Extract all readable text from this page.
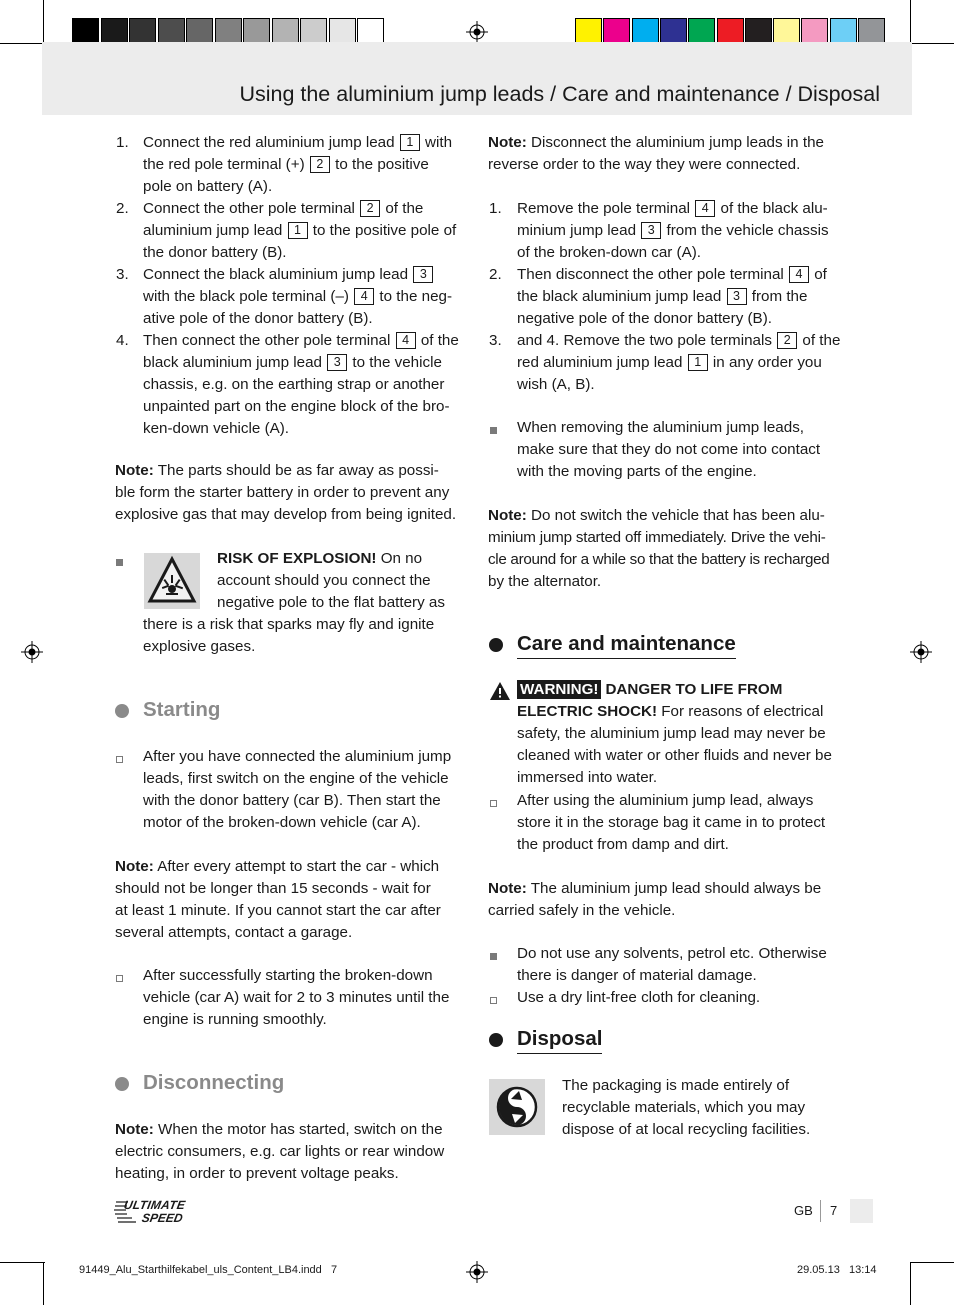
Using the aluminium jump leads / Care and maintenance / Disposal
1. Connect the red aluminium jump lead 1 with
the red pole terminal (+) 2 to the positive
pole on battery (A).
2. Connect the other pole terminal 2 of the
aluminium jump lead 1 to the positive pole of
the donor battery (B).
3. Connect the black aluminium jump lead 3
with the black pole terminal (–) 4 to the neg-
ative pole of the donor battery (B).
4. Then connect the other pole terminal 4 of the
black aluminium jump lead 3 to the vehicle
chassis, e.g. on the earthing strap or another
unpainted part on the engine block of the bro-
ken-down vehicle (A).
Note: The parts should be as far away as possi-
ble form the starter battery in order to prevent any
explosive gas that may develop from being ignited.
RISK OF EXPLOSION! On no
account should you connect the
negative pole to the flat battery as
there is a risk that sparks may fly and ignite
explosive gases.
Starting
After you have connected the aluminium jump
leads, first switch on the engine of the vehicle
with the donor battery (car B). Then start the
motor of the broken-down vehicle (car A).
Note: After every attempt to start the car - which
should not be longer than 15 seconds - wait for
at least 1 minute. If you cannot start the car after
several attempts, contact a garage.
After successfully starting the broken-down
vehicle (car A) wait for 2 to 3 minutes until the
engine is running smoothly.
Disconnecting
Note: When the motor has started, switch on the
electric consumers, e.g. car lights or rear window
heating, in order to prevent voltage peaks.
Note: Disconnect the aluminium jump leads in the
reverse order to the way they were connected.
1. Remove the pole terminal 4 of the black alu-
minium jump lead 3 from the vehicle chassis
of the broken-down car (A).
2. Then disconnect the other pole terminal 4 of
the black aluminium jump lead 3 from the
negative pole of the donor battery (B).
3. and 4. Remove the two pole terminals 2 of the
red aluminium jump lead 1 in any order you
wish (A, B).
When removing the aluminium jump leads,
make sure that they do not come into contact
with the moving parts of the engine.
Note: Do not switch the vehicle that has been alu-
minium jump started off immediately. Drive the vehi-
cle around for a while so that the battery is recharged
by the alternator.
Care and maintenance
WARNING! DANGER TO LIFE FROM
ELECTRIC SHOCK! For reasons of electrical
safety, the aluminium jump lead may never be
cleaned with water or other fluids and never be
immersed into water.
After using the aluminium jump lead, always
store it in the storage bag it came in to protect
the product from damp and dirt.
Note: The aluminium jump lead should always be
carried safely in the vehicle.
Do not use any solvents, petrol etc. Otherwise
there is danger of material damage.
Use a dry lint-free cloth for cleaning.
Disposal
The packaging is made entirely of
recyclable materials, which you may
dispose of at local recycling facilities.
ULTIMATE
SPEED	GB 7
91449_Alu_Starthilfekabel_uls_Content_LB4.indd   7	29.05.13   13:14
